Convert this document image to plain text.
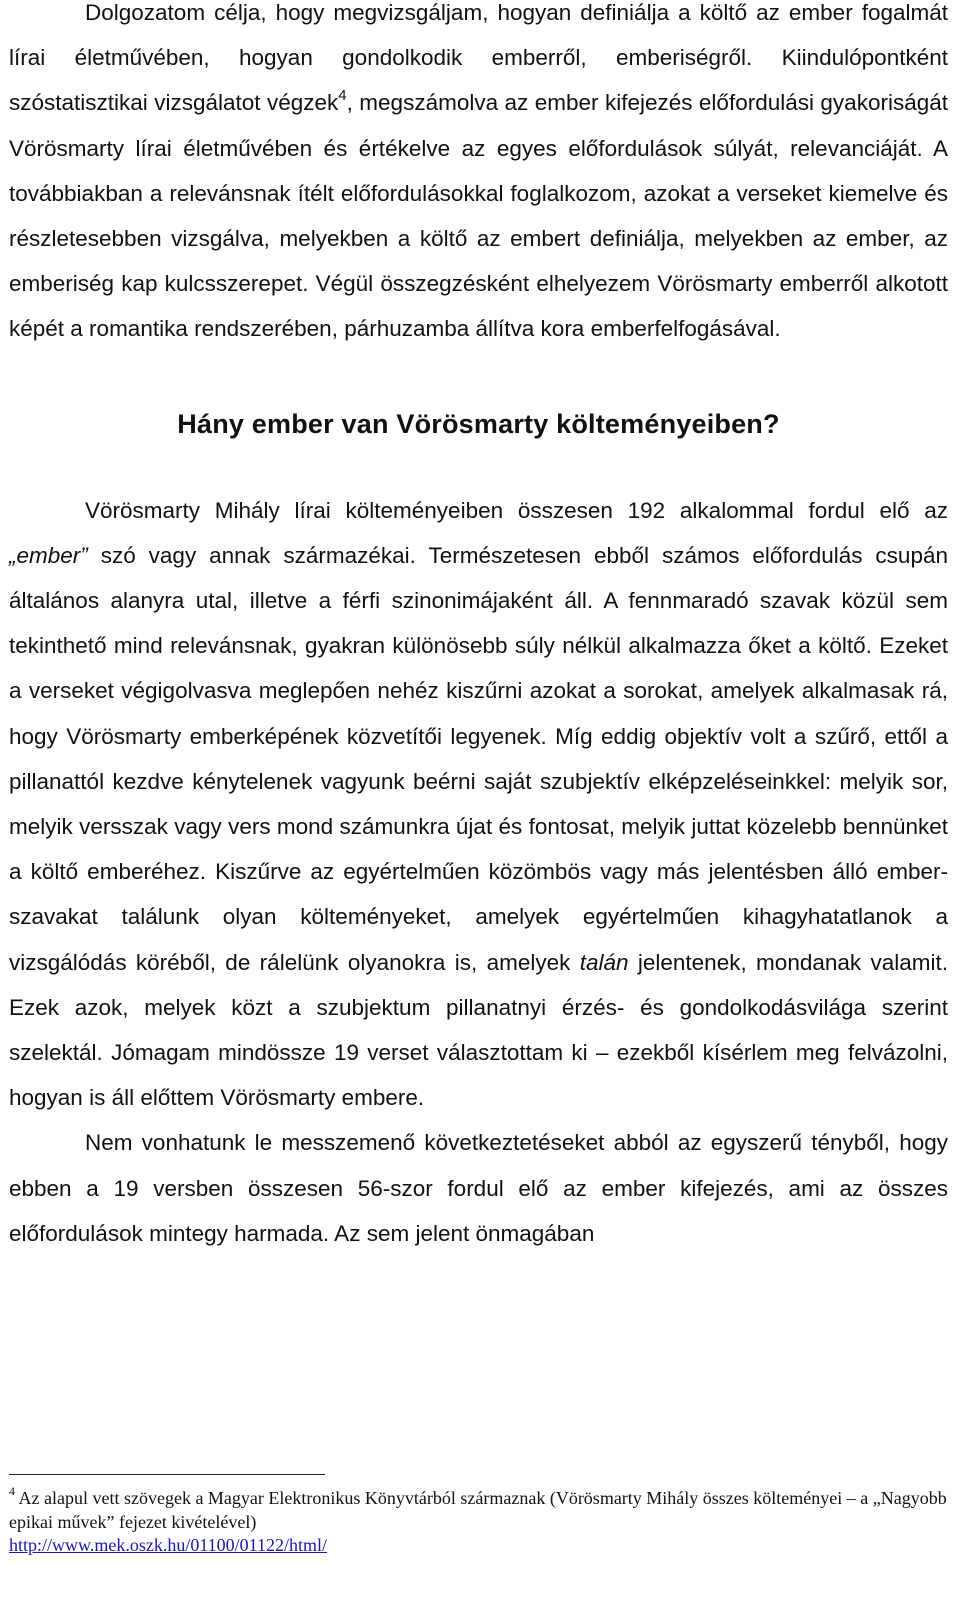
Dolgozatom célja, hogy megvizsgáljam, hogyan definiálja a költő az ember fogalmát lírai életművében, hogyan gondolkodik emberről, emberiségről. Kiindulópontként szóstatisztikai vizsgálatot végzek$^4$, megszámolva az ember kifejezés előfordulási gyakoriságát Vörösmarty lírai életművében és értékelve az egyes előfordulások súlyát, relevanciáját. A továbbiakban a relevánsnak ítélt előfordulásokkal foglalkozom, azokat a verseket kiemelve és részletesebben vizsgálva, melyekben a költő az embert definiálja, melyekben az ember, az emberiség kap kulcsszerepet. Végül összegzésként elhelyezem Vörösmarty emberről alkotott képét a romantika rendszerében, párhuzamba állítva kora emberfelfogásával.

Hány ember van Vörösmarty költeményeiben?

Vörösmarty Mihály lírai költeményeiben összesen 192 alkalommal fordul elő az „ember” szó vagy annak származékai. Természetesen ebből számos előfordulás csupán általános alanyra utal, illetve a férfi szinonimájaként áll. A fennmaradó szavak közül sem tekinthető mind relevánsnak, gyakran különösebb súly nélkül alkalmazza őket a költő. Ezeket a verseket végigolvasva meglepően nehéz kiszűrni azokat a sorokat, amelyek alkalmasak rá, hogy Vörösmarty emberképének közvetítői legyenek. Míg eddig objektív volt a szűrő, ettől a pillanattól kezdve kénytelenek vagyunk beérni saját szubjektív elképzeléseinkkel: melyik sor, melyik versszak vagy vers mond számunkra újat és fontosat, melyik juttat közelebb bennünket a költő emberéhez. Kiszűrve az egyértelműen közömbös vagy más jelentésben álló ember-szavakat találunk olyan költeményeket, amelyek egyértelműen kihagyhatatlanok a vizsgálódás köréből, de rálelünk olyanokra is, amelyek talán jelentenek, mondanak valamit. Ezek azok, melyek közt a szubjektum pillanatnyi érzés- és gondolkodásvilága szerint szelektál. Jómagam mindössze 19 verset választottam ki – ezekből kísérlem meg felvázolni, hogyan is áll előttem Vörösmarty embere.

Nem vonhatunk le messzemenő következtetéseket abból az egyszerű tényből, hogy ebben a 19 versben összesen 56-szor fordul elő az ember kifejezés, ami az összes előfordulások mintegy harmada. Az sem jelent önmagában

$^4$ Az alapul vett szövegek a Magyar Elektronikus Könyvtárból származnak (Vörösmarty Mihály összes költeményei – a „Nagyobb epikai művek” fejezet kivételével)

http://www.mek.oszk.hu/01100/01122/html/
